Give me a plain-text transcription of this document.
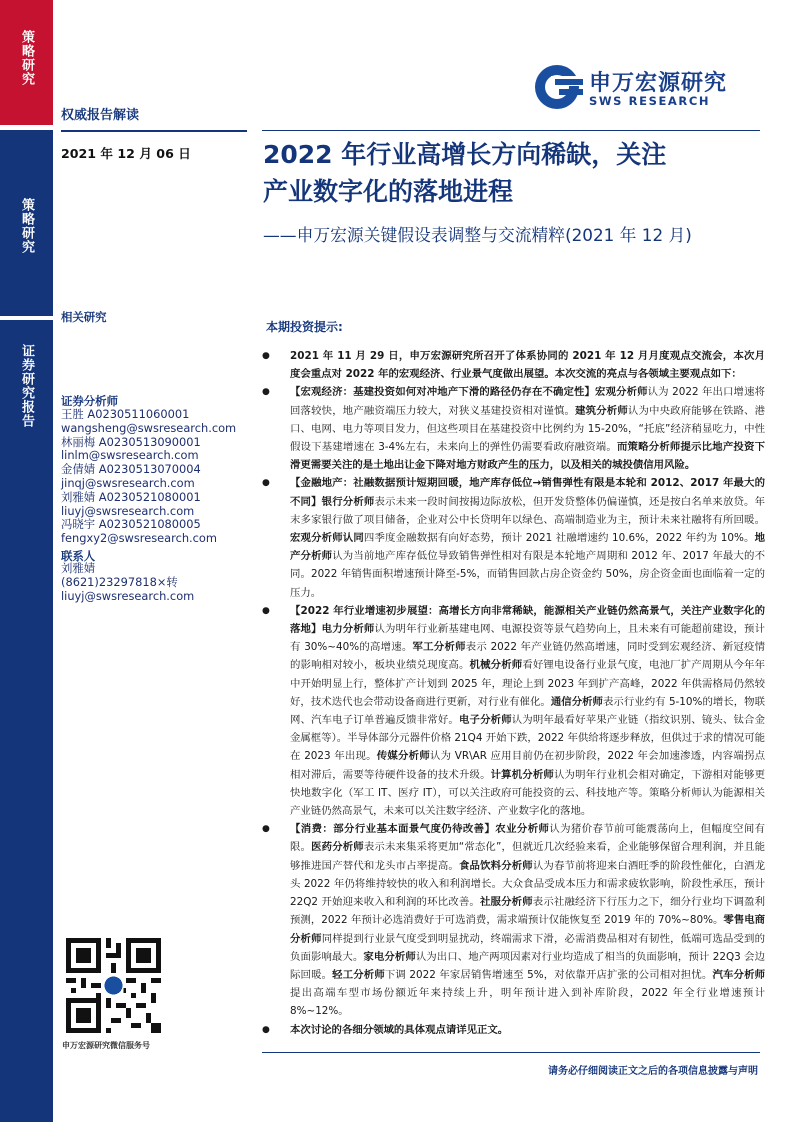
策略研究
策略研究
证券研究报告
权威报告解读
申万宏源研究
SWS RESEARCH
2021 年 12 月 06 日	2022 年行业高增长方向稀缺，关注
产业数字化的落地进程
——申万宏源关键假设表调整与交流精粹(2021 年 12 月)
相关研究
证券分析师
王胜 A0230511060001
wangsheng@swsresearch.com
林丽梅 A0230513090001
linlm@swsresearch.com
金倩婧 A0230513070004
jinqj@swsresearch.com
刘雅婧 A0230521080001
liuyj@swsresearch.com
冯晓宇 A0230521080005
fengxy2@swsresearch.com
联系人
刘雅婧
(8621)23297818×转
liuyj@swsresearch.com
申万宏源研究微信服务号
本期投资提示:
● 2021 年 11 月 29 日，申万宏源研究所召开了体系协同的 2021 年 12 月月度观点交流会，本次月度会重点对 2022 年的宏观经济、行业景气度做出展望。本次交流的亮点与各领域主要观点如下：
● 【宏观经济：基建投资如何对冲地产下滑的路径仍存在不确定性】宏观分析师认为 2022 年出口增速将回落较快，地产融资端压力较大，对狭义基建投资相对谨慎。建筑分析师认为中央政府能够在铁路、港口、电网、电力等项目发力，但这些项目在基建投资中比例约为 15-20%，“托底”经济稍显吃力，中性假设下基建增速在 3-4%左右，未来向上的弹性仍需要看政府融资端。而策略分析师提示比地产投资下滑更需要关注的是土地出让金下降对地方财政产生的压力，以及相关的城投债信用风险。
● 【金融地产：社融数据预计短期回暖，地产库存低位→销售弹性有限是本轮和 2012、2017 年最大的不同】银行分析师表示未来一段时间按揭边际放松，但开发贷整体仍偏谨慎，还是按白名单来放贷。年末多家银行做了项目储备，企业对公中长贷明年以绿色、高端制造业为主，预计未来社融将有所回暖。宏观分析师认同四季度金融数据有向好态势，预计 2021 社融增速约 10.6%，2022 年约为 10%。地产分析师认为当前地产库存低位导致销售弹性相对有限是本轮地产周期和 2012 年、2017 年最大的不同。2022 年销售面积增速预计降至-5%，而销售回款占房企资金约 50%，房企资金面也面临着一定的压力。
● 【2022 年行业增速初步展望：高增长方向非常稀缺，能源相关产业链仍然高景气，关注产业数字化的落地】电力分析师认为明年行业新基建电网、电源投资等景气趋势向上，且未来有可能超前建设，预计有 30%~40%的高增速。军工分析师表示 2022 年产业链仍然高增速，同时受到宏观经济、新冠疫情的影响相对较小，板块业绩兑现度高。机械分析师看好锂电设备行业景气度，电池厂扩产周期从今年年中开始明显上行，整体扩产计划到 2025 年，理论上到 2023 年到扩产高峰，2022 年供需格局仍然较好，技术迭代也会带动设备商进行更新，对行业有催化。通信分析师表示行业约有 5-10%的增长，物联网、汽车电子订单普遍反馈非常好。电子分析师认为明年最看好苹果产业链（指纹识别、镜头、钛合金金属框等）。半导体部分元器件价格 21Q4 开始下跌，2022 年供给将逐步释放，但供过于求的情况可能在 2023 年出现。传媒分析师认为 VR\AR 应用目前仍在初步阶段，2022 年会加速渗透，内容端拐点相对滞后，需要等待硬件设备的技术升级。计算机分析师认为明年行业机会相对确定，下游相对能够更快地数字化（军工 IT、医疗 IT），可以关注政府可能投资的云、科技地产等。策略分析师认为能源相关产业链仍然高景气，未来可以关注数字经济、产业数字化的落地。
● 【消费：部分行业基本面景气度仍待改善】农业分析师认为猪价春节前可能震荡向上，但幅度空间有限。医药分析师表示未来集采将更加“常态化”，但就近几次经验来看，企业能够保留合理利润，并且能够推进国产替代和龙头市占率提高。食品饮料分析师认为春节前将迎来白酒旺季的阶段性催化，白酒龙头 2022 年仍将维持较快的收入和利润增长。大众食品受成本压力和需求疲软影响，阶段性承压，预计 22Q2 开始迎来收入和利润的环比改善。社服分析师表示社融经济下行压力之下，细分行业均下调盈利预测，2022 年预计必选消费好于可选消费，需求端预计仅能恢复至 2019 年的 70%~80%。零售电商分析师同样提到行业景气度受到明显扰动，终端需求下滑，必需消费品相对有韧性，低端可选品受到的负面影响最大。家电分析师认为出口、地产两项因素对行业均造成了相当的负面影响，预计 22Q3 会边际回暖。轻工分析师下调 2022 年家居销售增速至 5%，对依靠开店扩张的公司相对担忧。汽车分析师提出高端车型市场份额近年来持续上升，明年预计进入到补库阶段，2022 年全行业增速预计 8%~12%。
● 本次讨论的各细分领域的具体观点请详见正文。
请务必仔细阅读正文之后的各项信息披露与声明
